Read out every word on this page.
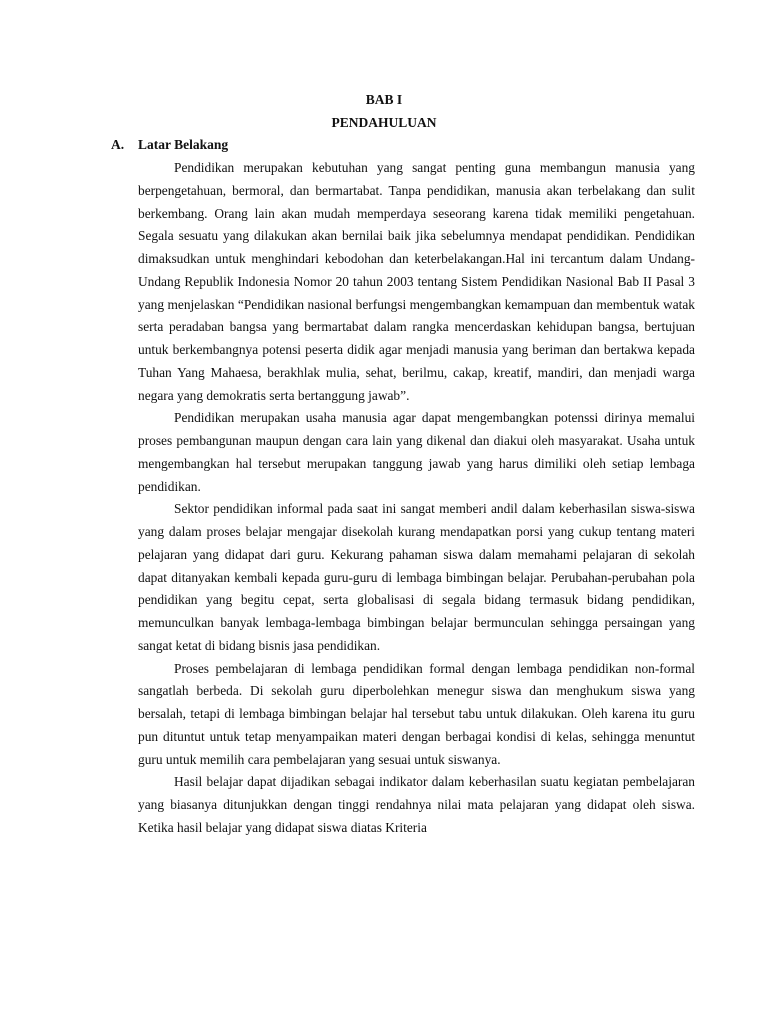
BAB I
PENDAHULUAN
A. Latar Belakang

Pendidikan merupakan kebutuhan yang sangat penting guna membangun manusia yang berpengetahuan, bermoral, dan bermartabat. Tanpa pendidikan, manusia akan terbelakang dan sulit berkembang. Orang lain akan mudah memperdaya seseorang karena tidak memiliki pengetahuan. Segala sesuatu yang dilakukan akan bernilai baik jika sebelumnya mendapat pendidikan. Pendidikan dimaksudkan untuk menghindari kebodohan dan keterbelakangan.Hal ini tercantum dalam Undang-Undang Republik Indonesia Nomor 20 tahun 2003 tentang Sistem Pendidikan Nasional Bab II Pasal 3 yang menjelaskan “Pendidikan nasional berfungsi mengembangkan kemampuan dan membentuk watak serta peradaban bangsa yang bermartabat dalam rangka mencerdaskan kehidupan bangsa, bertujuan untuk berkembangnya potensi peserta didik agar menjadi manusia yang beriman dan bertakwa kepada Tuhan Yang Mahaesa, berakhlak mulia, sehat, berilmu, cakap, kreatif, mandiri, dan menjadi warga negara yang demokratis serta bertanggung jawab”.

Pendidikan merupakan usaha manusia agar dapat mengembangkan potenssi dirinya memalui proses pembangunan maupun dengan cara lain yang dikenal dan diakui oleh masyarakat. Usaha untuk mengembangkan hal tersebut merupakan tanggung jawab yang harus dimiliki oleh setiap lembaga pendidikan.

Sektor pendidikan informal pada saat ini sangat memberi andil dalam keberhasilan siswa-siswa yang dalam proses belajar mengajar disekolah kurang mendapatkan porsi yang cukup tentang materi pelajaran yang didapat dari guru. Kekurang pahaman siswa dalam memahami pelajaran di sekolah dapat ditanyakan kembali kepada guru-guru di lembaga bimbingan belajar. Perubahan-perubahan pola pendidikan yang begitu cepat, serta globalisasi di segala bidang termasuk bidang pendidikan, memunculkan banyak lembaga-lembaga bimbingan belajar bermunculan sehingga persaingan yang sangat ketat di bidang bisnis jasa pendidikan.

Proses pembelajaran di lembaga pendidikan formal dengan lembaga pendidikan non-formal sangatlah berbeda. Di sekolah guru diperbolehkan menegur siswa dan menghukum siswa yang bersalah, tetapi di lembaga bimbingan belajar hal tersebut tabu untuk dilakukan. Oleh karena itu guru pun dituntut untuk tetap menyampaikan materi dengan berbagai kondisi di kelas, sehingga menuntut guru untuk memilih cara pembelajaran yang sesuai untuk siswanya.

Hasil belajar dapat dijadikan sebagai indikator dalam keberhasilan suatu kegiatan pembelajaran yang biasanya ditunjukkan dengan tinggi rendahnya nilai mata pelajaran yang didapat oleh siswa. Ketika hasil belajar yang didapat siswa diatas Kriteria
